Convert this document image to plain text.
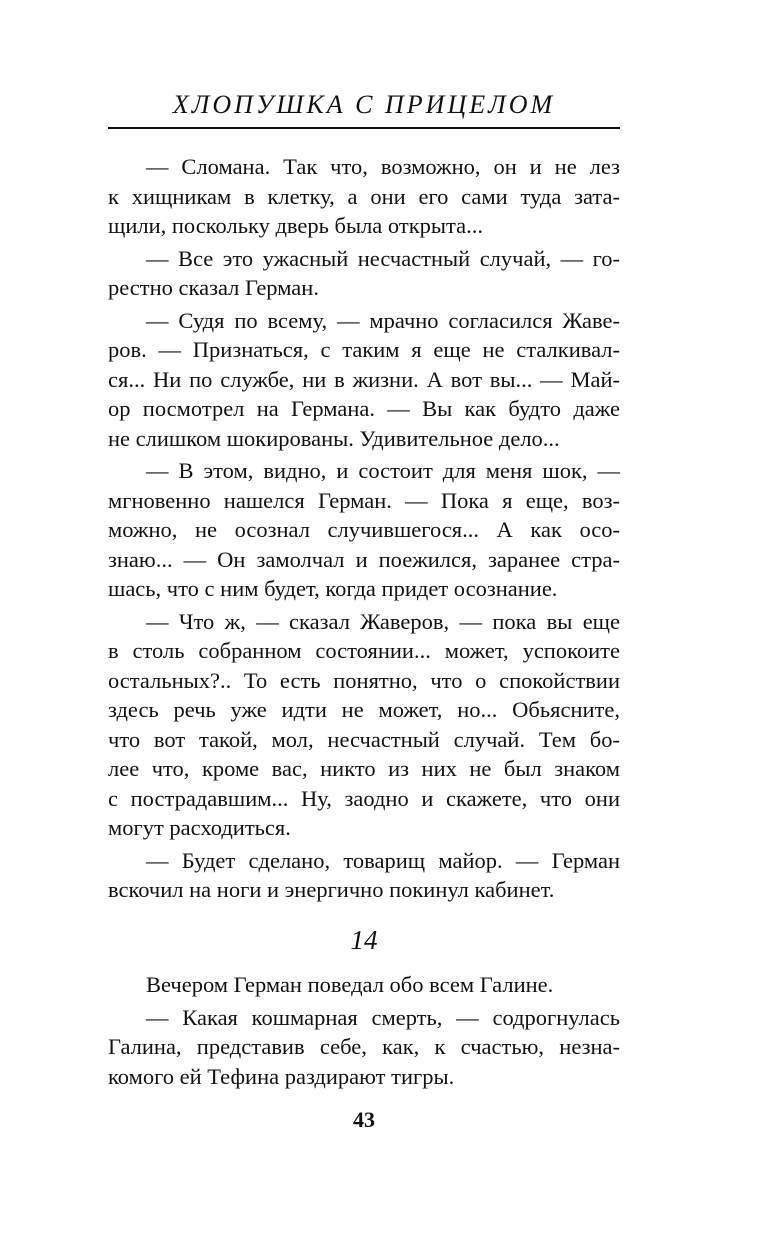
ХЛОПУШКА С ПРИЦЕЛОМ
— Сломана. Так что, возможно, он и не лез
к хищникам в клетку, а они его сами туда зата-
щили, поскольку дверь была открыта...
— Все это ужасный несчастный случай, — го-
рестно сказал Герман.
— Судя по всему, — мрачно согласился Жаве-
ров. — Признаться, с таким я еще не сталкивал-
ся... Ни по службе, ни в жизни. А вот вы... — Май-
ор посмотрел на Германа. — Вы как будто даже
не слишком шокированы. Удивительное дело...
— В этом, видно, и состоит для меня шок, —
мгновенно нашелся Герман. — Пока я еще, воз-
можно, не осознал случившегося... А как осо-
знаю... — Он замолчал и поежился, заранее стра-
шась, что с ним будет, когда придет осознание.
— Что ж, — сказал Жаверов, — пока вы еще
в столь собранном состоянии... может, успокоите
остальных?.. То есть понятно, что о спокойствии
здесь речь уже идти не может, но... Обьясните,
что вот такой, мол, несчастный случай. Тем бо-
лее что, кроме вас, никто из них не был знаком
с пострадавшим... Ну, заодно и скажете, что они
могут расходиться.
— Будет сделано, товарищ майор. — Герман
вскочил на ноги и энергично покинул кабинет.
14
Вечером Герман поведал обо всем Галине.
— Какая кошмарная смерть, — содрогнулась
Галина, представив себе, как, к счастью, незна-
комого ей Тефина раздирают тигры.
43
